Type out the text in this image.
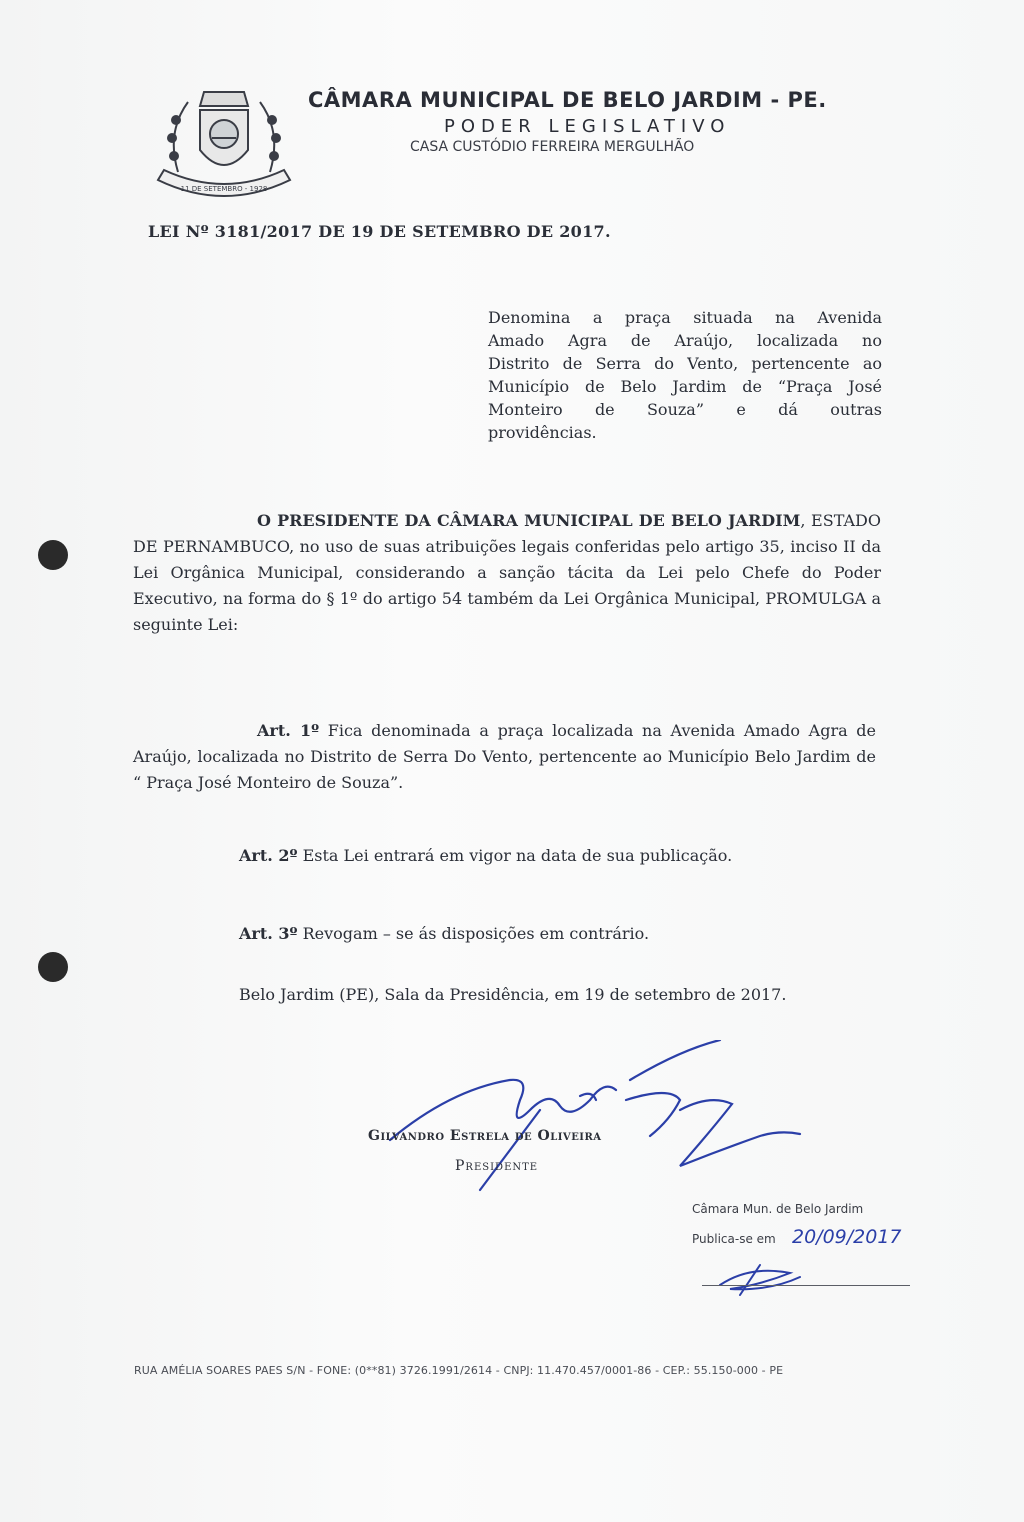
11 DE SETEMBRO - 1928
CÂMARA MUNICIPAL DE BELO JARDIM - PE.
PODER LEGISLATIVO
CASA CUSTÓDIO FERREIRA MERGULHÃO
LEI Nº 3181/2017 DE 19 DE SETEMBRO DE 2017.
Denomina a praça situada na Avenida
Amado Agra de Araújo, localizada no
Distrito de Serra do Vento, pertencente ao
Município de Belo Jardim de “Praça José
Monteiro de Souza” e dá outras
providências.
O PRESIDENTE DA CÂMARA MUNICIPAL DE BELO JARDIM, ESTADO DE PERNAMBUCO, no uso de suas atribuições legais conferidas pelo artigo 35, inciso II da Lei Orgânica Municipal, considerando a sanção tácita da Lei pelo Chefe do Poder Executivo, na forma do § 1º do artigo 54 também da Lei Orgânica Municipal, PROMULGA a seguinte Lei:
Art. 1º Fica denominada a praça localizada na Avenida Amado Agra de Araújo, localizada no Distrito de Serra Do Vento, pertencente ao Município Belo Jardim de “ Praça José Monteiro de Souza”.
Art. 2º Esta Lei entrará em vigor na data de sua publicação.
Art. 3º Revogam – se ás disposições em contrário.
Belo Jardim (PE), Sala da Presidência, em 19 de setembro de 2017.
Gilvandro Estrela de Oliveira
Presidente
Câmara Mun. de Belo Jardim
Publica-se em 20/09/2017
RUA AMÉLIA SOARES PAES S/N - FONE: (0**81) 3726.1991/2614 - CNPJ: 11.470.457/0001-86 - CEP.: 55.150-000 - PE
